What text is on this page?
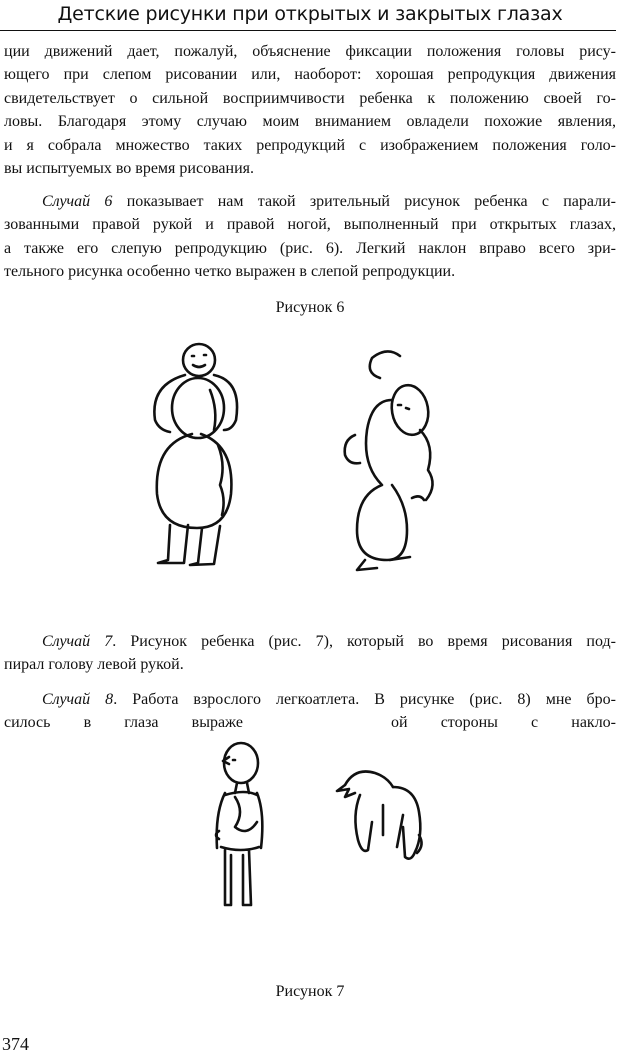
Детские рисунки при открытых и закрытых глазах
ции движений дает, пожалуй, объяснение фиксации положения головы рису-
ющего при слепом рисовании или, наоборот: хорошая репродукция движения
свидетельствует о сильной восприимчивости ребенка к положению своей го-
ловы. Благодаря этому случаю моим вниманием овладели похожие явления,
и я собрала множество таких репродукций с изображением положения голо-
вы испытуемых во время рисования.
Случай 6 показывает нам такой зрительный рисунок ребенка с парали-
зованными правой рукой и правой ногой, выполненный при открытых глазах,
а также его слепую репродукцию (рис. 6). Легкий наклон вправо всего зри-
тельного рисунка особенно четко выражен в слепой репродукции.
Рисунок 6
Случай 7. Рисунок ребенка (рис. 7), который во время рисования под-
пирал голову левой рукой.
Случай 8. Работа взрослого легкоатлета. В рисунке (рис. 8) мне бро-
силось в глаза выраже	ой стороны с накло-
Рисунок 7
374
